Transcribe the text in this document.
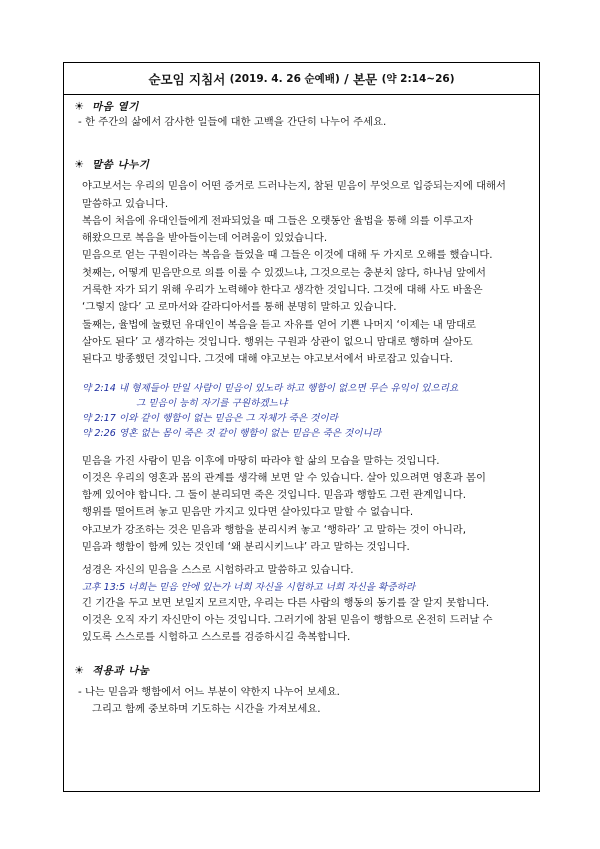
순모임 지침서
(2019. 4. 26 순예배)
/
본문
(약 2:14~26)
☀ 마음 열기
- 한 주간의 삶에서 감사한 일들에 대한 고백을 간단히 나누어 주세요.
☀ 말씀 나누기
야고보서는 우리의 믿음이 어떤 증거로 드러나는지, 참된 믿음이 무엇으로 입증되는지에 대해서
말씀하고 있습니다.
복음이 처음에 유대인들에게 전파되었을 때 그들은 오랫동안 율법을 통해 의를 이루고자
해왔으므로 복음을 받아들이는데 어려움이 있었습니다.
믿음으로 얻는 구원이라는 복음을 들었을 때 그들은 이것에 대해 두 가지로 오해를 했습니다.
첫째는, 어떻게 믿음만으로 의를 이룰 수 있겠느냐, 그것으로는 충분치 않다, 하나님 앞에서
거룩한 자가 되기 위해 우리가 노력해야 한다고 생각한 것입니다. 그것에 대해 사도 바울은
‘그렇지 않다’ 고 로마서와 갈라디아서를 통해 분명히 말하고 있습니다.
둘째는, 율법에 눌렸던 유대인이 복음을 듣고 자유를 얻어 기쁜 나머지 ‘이제는 내 맘대로
살아도 된다’ 고 생각하는 것입니다. 행위는 구원과 상관이 없으니 맘대로 행하며 살아도
된다고 방종했던 것입니다. 그것에 대해 야고보는 야고보서에서 바로잡고 있습니다.
약 2:14 내 형제들아 만일 사람이 믿음이 있노라 하고 행함이 없으면 무슨 유익이 있으리요
그 믿음이 능히 자기를 구원하겠느냐
약 2:17 이와 같이 행함이 없는 믿음은 그 자체가 죽은 것이라
약 2:26 영혼 없는 몸이 죽은 것 같이 행함이 없는 믿음은 죽은 것이니라
믿음을 가진 사람이 믿음 이후에 마땅히 따라야 할 삶의 모습을 말하는 것입니다.
이것은 우리의 영혼과 몸의 관계를 생각해 보면 알 수 있습니다. 살아 있으려면 영혼과 몸이
함께 있어야 합니다. 그 둘이 분리되면 죽은 것입니다. 믿음과 행함도 그런 관계입니다.
행위를 떨어트려 놓고 믿음만 가지고 있다면 살아있다고 말할 수 없습니다.
야고보가 강조하는 것은 믿음과 행함을 분리시켜 놓고 ‘행하라’ 고 말하는 것이 아니라,
믿음과 행함이 함께 있는 것인데 ‘왜 분리시키느냐’ 라고 말하는 것입니다.
성경은 자신의 믿음을 스스로 시험하라고 말씀하고 있습니다.
고후 13:5 너희는 믿음 안에 있는가 너희 자신을 시험하고 너희 자신을 확증하라
긴 기간을 두고 보면 보일지 모르지만, 우리는 다른 사람의 행동의 동기를 잘 알지 못합니다.
이것은 오직 자기 자신만이 아는 것입니다. 그러기에 참된 믿음이 행함으로 온전히 드러날 수
있도록 스스로를 시험하고 스스로를 검증하시길 축복합니다.
☀ 적용과 나눔
- 나는 믿음과 행함에서 어느 부분이 약한지 나누어 보세요.
그리고 함께 중보하며 기도하는 시간을 가져보세요.
